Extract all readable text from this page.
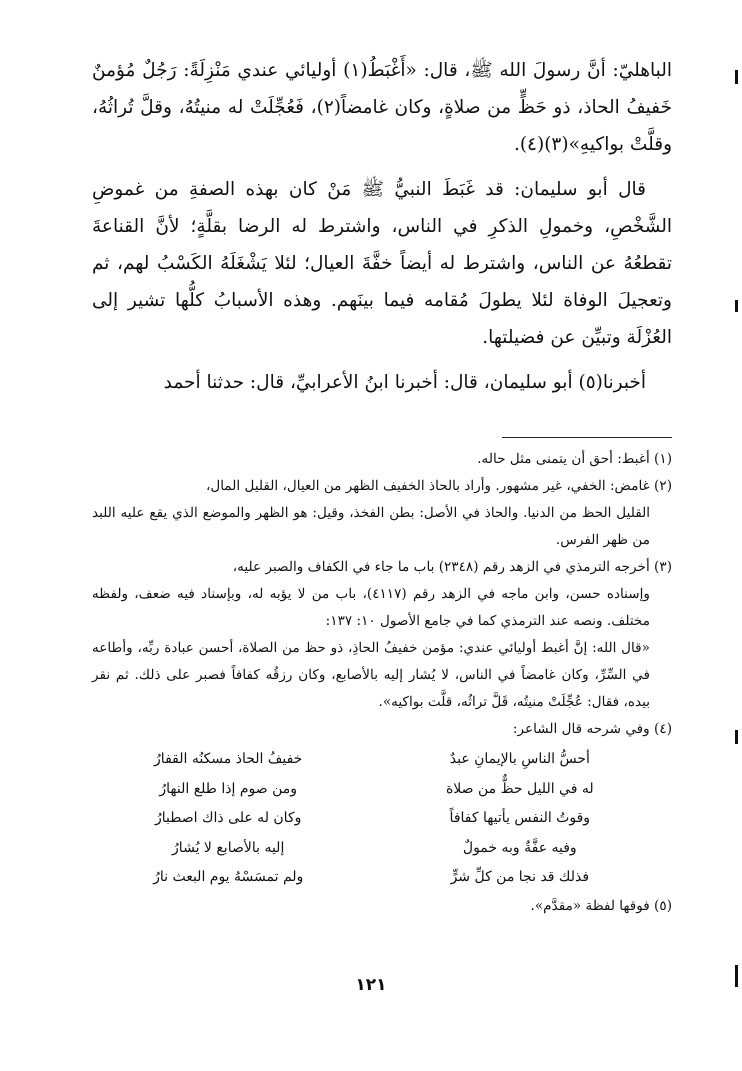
الباهليّ: أنَّ رسولَ الله ﷺ، قال: «أَغْبَطُ(١) أوليائي عندي مَنْزِلَةً: رَجُلٌ مُؤمنٌ خَفيفُ الحاذ، ذو حَظٍّ من صلاةٍ، وكان غامضاً(٢)، فَعُجِّلَتْ له منيتُهُ، وقلَّ تُراثُهُ، وقلَّتْ بواكيهِ»(٣)(٤).

قال أبو سليمان: قد غَبَطَ النبيُّ ﷺ مَنْ كان بهذه الصفةِ من غموضِ الشَّخْصِ، وخمولِ الذكرِ في الناس، واشترط له الرضا بقلَّةٍ؛ لأنَّ القناعةَ تقطعُهُ عن الناس، واشترط له أيضاً خفَّةَ العيال؛ لئلا يَشْغَلَهُ الكَسْبُ لهم، ثم وتعجيلَ الوفاة لئلا يطولَ مُقامه فيما بينَهم. وهذه الأسبابُ كلُّها تشير إلى العُزْلَة وتبيِّن عن فضيلتها.

أخبرنا(٥) أبو سليمان، قال: أخبرنا ابنُ الأعرابيِّ، قال: حدثنا أحمد

(١) أغبط: أحق أن يتمنى مثل حاله.

(٢) غامض: الخفي، غير مشهور. وأراد بالحاذ الخفيف الظهر من العيال، القليل المال،

القليل الحظ من الدنيا. والحاذ في الأصل: بطن الفخذ، وقيل: هو الظهر والموضع الذي يقع عليه اللبد من ظهر الفرس.

(٣) أخرجه الترمذي في الزهد رقم (٢٣٤٨) باب ما جاء في الكفاف والصبر عليه،

وإسناده حسن، وابن ماجه في الزهد رقم (٤١١٧)، باب من لا يؤبه له، وبإسناد فيه ضعف، ولفظه مختلف. ونصه عند الترمذي كما في جامع الأصول ١٠: ١٣٧:

«قال الله: إنَّ أغبط أوليائي عندي: مؤمن خفيفُ الحاذِ، ذو حظ من الصلاة، أحسن عبادة ربِّه، وأطاعه في السِّرِّ، وكان غامضاً في الناس، لا يُشار إليه بالأصابع، وكان رزقُه كفافاً فصبر على ذلك. ثم نقر بيده، فقال: عُجِّلَتْ منيتُه، قَلَّ تراثُه، قلَّت بواكيه».

(٤) وفي شرحه قال الشاعر:

أحسُّ الناسِ بالإيمانِ عبدٌ
خفيفُ الحاذ مسكنُه القفارُ
له في الليل حظٌّ من صلاة
ومن صوم إذا طلع النهارُ
وقوتُ النفس يأتيها كفافاً
وكان له على ذاك اصطبارُ
وفيه عفَّةٌ وبه خمولٌ
إليه بالأصابع لا يُشارُ
فذلك قد نجا من كلِّ شرٍّ
ولم تمسَسْهُ يوم البعث نارُ

(٥) فوقها لفظة «مقدَّم».

١٢١
